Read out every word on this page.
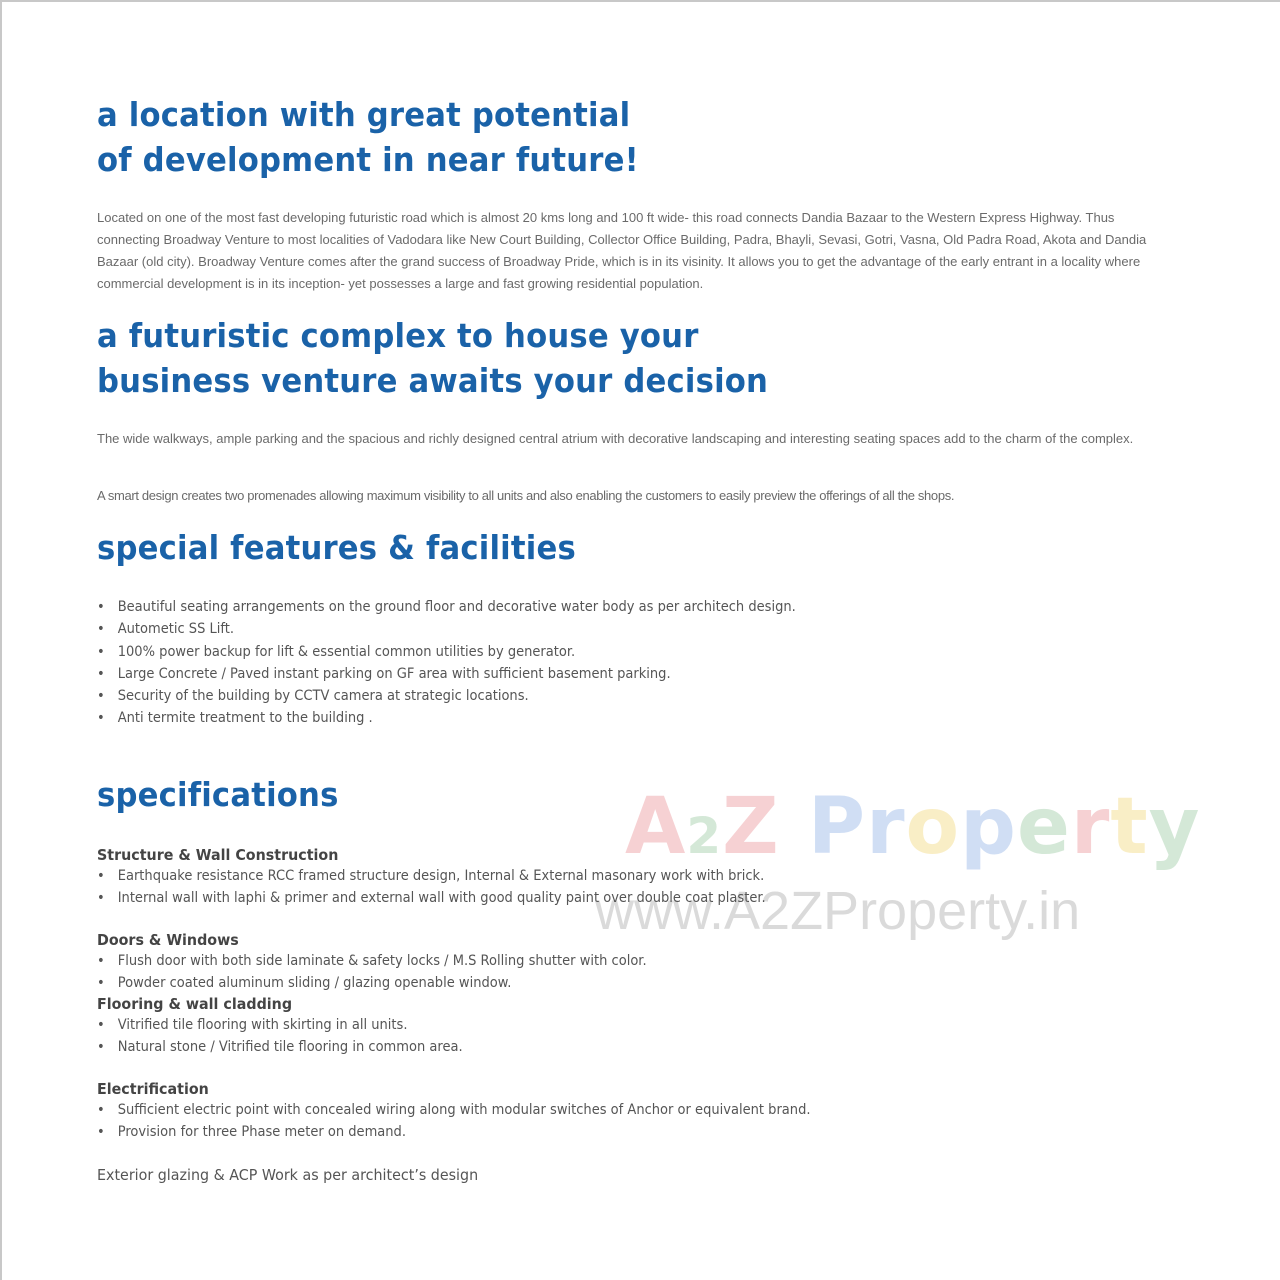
a location with great potential
of development in near future!

Located on one of the most fast developing futuristic road which is almost 20 kms long and 100 ft wide- this road connects Dandia Bazaar to the Western Express Highway. Thus connecting Broadway Venture to most localities of Vadodara like New Court Building, Collector Office Building, Padra, Bhayli, Sevasi, Gotri, Vasna, Old Padra Road, Akota and Dandia Bazaar (old city). Broadway Venture comes after the grand success of Broadway Pride, which is in its visinity. It allows you to get the advantage of the early entrant in a locality where commercial development is in its inception- yet possesses a large and fast growing residential population.

a futuristic complex to house your
business venture awaits your decision

The wide walkways, ample parking and the spacious and richly designed central atrium with decorative landscaping and interesting seating spaces add to the charm of the complex.

A smart design creates two promenades allowing maximum visibility to all units and also enabling the customers to easily preview the offerings of all the shops.

special features & facilities
• Beautiful seating arrangements on the ground floor and decorative water body as per architech design.
• Autometic SS Lift.
• 100% power backup for lift & essential common utilities by generator.
• Large Concrete / Paved instant parking on GF area with sufficient basement parking.
• Security of the building by CCTV camera at strategic locations.
• Anti termite treatment to the building .
A2Z Property
www.A2ZProperty.in
specifications
Structure & Wall Construction
• Earthquake resistance RCC framed structure design, Internal & External masonary work with brick.
• Internal wall with laphi & primer and external wall with good quality paint over double coat plaster.
Doors & Windows
• Flush door with both side laminate & safety locks / M.S Rolling shutter with color.
• Powder coated aluminum sliding / glazing openable window.
Flooring & wall cladding
• Vitrified tile flooring with skirting in all units.
• Natural stone / Vitrified tile flooring in common area.
Electrification
• Sufficient electric point with concealed wiring along with modular switches of Anchor or equivalent brand.
• Provision for three Phase meter on demand.
Exterior glazing & ACP Work as per architect’s design
